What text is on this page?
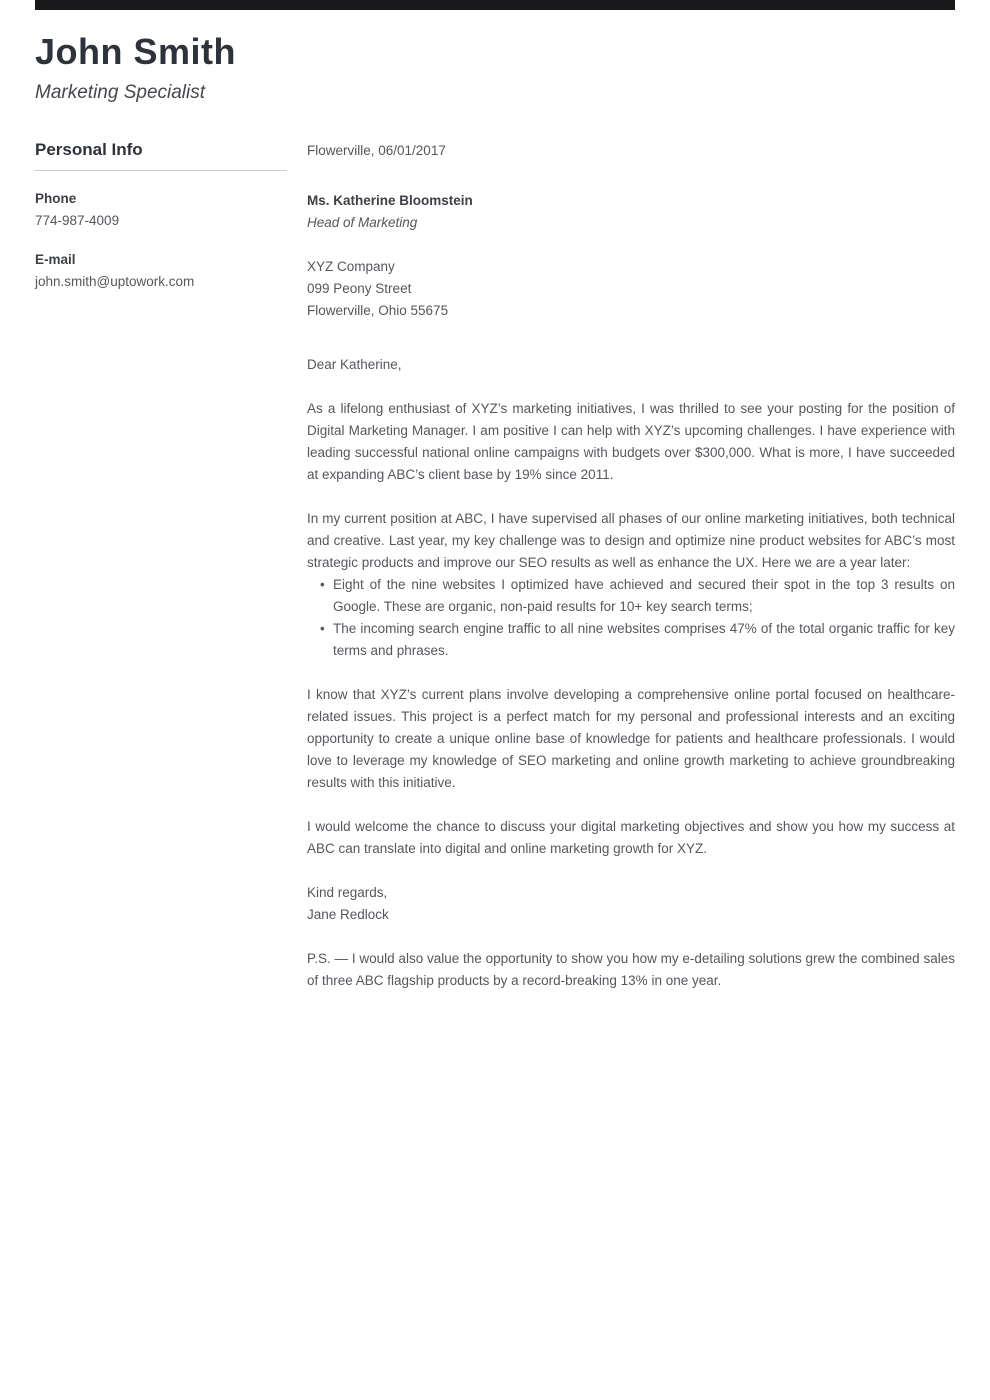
John Smith
Marketing Specialist
Personal Info
Phone
774-987-4009
E-mail
john.smith@uptowork.com
Flowerville, 06/01/2017
Ms. Katherine Bloomstein
Head of Marketing
XYZ Company
099 Peony Street
Flowerville, Ohio 55675
Dear Katherine,
As a lifelong enthusiast of XYZ’s marketing initiatives, I was thrilled to see your posting for the position of Digital Marketing Manager. I am positive I can help with XYZ’s upcoming challenges. I have experience with leading successful national online campaigns with budgets over $300,000. What is more, I have succeeded at expanding ABC’s client base by 19% since 2011.
In my current position at ABC, I have supervised all phases of our online marketing initiatives, both technical and creative. Last year, my key challenge was to design and optimize nine product websites for ABC’s most strategic products and improve our SEO results as well as enhance the UX. Here we are a year later:
• Eight of the nine websites I optimized have achieved and secured their spot in the top 3 results on Google. These are organic, non-paid results for 10+ key search terms;
• The incoming search engine traffic to all nine websites comprises 47% of the total organic traffic for key terms and phrases.
I know that XYZ’s current plans involve developing a comprehensive online portal focused on healthcare-related issues. This project is a perfect match for my personal and professional interests and an exciting opportunity to create a unique online base of knowledge for patients and healthcare professionals. I would love to leverage my knowledge of SEO marketing and online growth marketing to achieve groundbreaking results with this initiative.
I would welcome the chance to discuss your digital marketing objectives and show you how my success at ABC can translate into digital and online marketing growth for XYZ.
Kind regards,
Jane Redlock
P.S. — I would also value the opportunity to show you how my e-detailing solutions grew the combined sales of three ABC flagship products by a record-breaking 13% in one year.
